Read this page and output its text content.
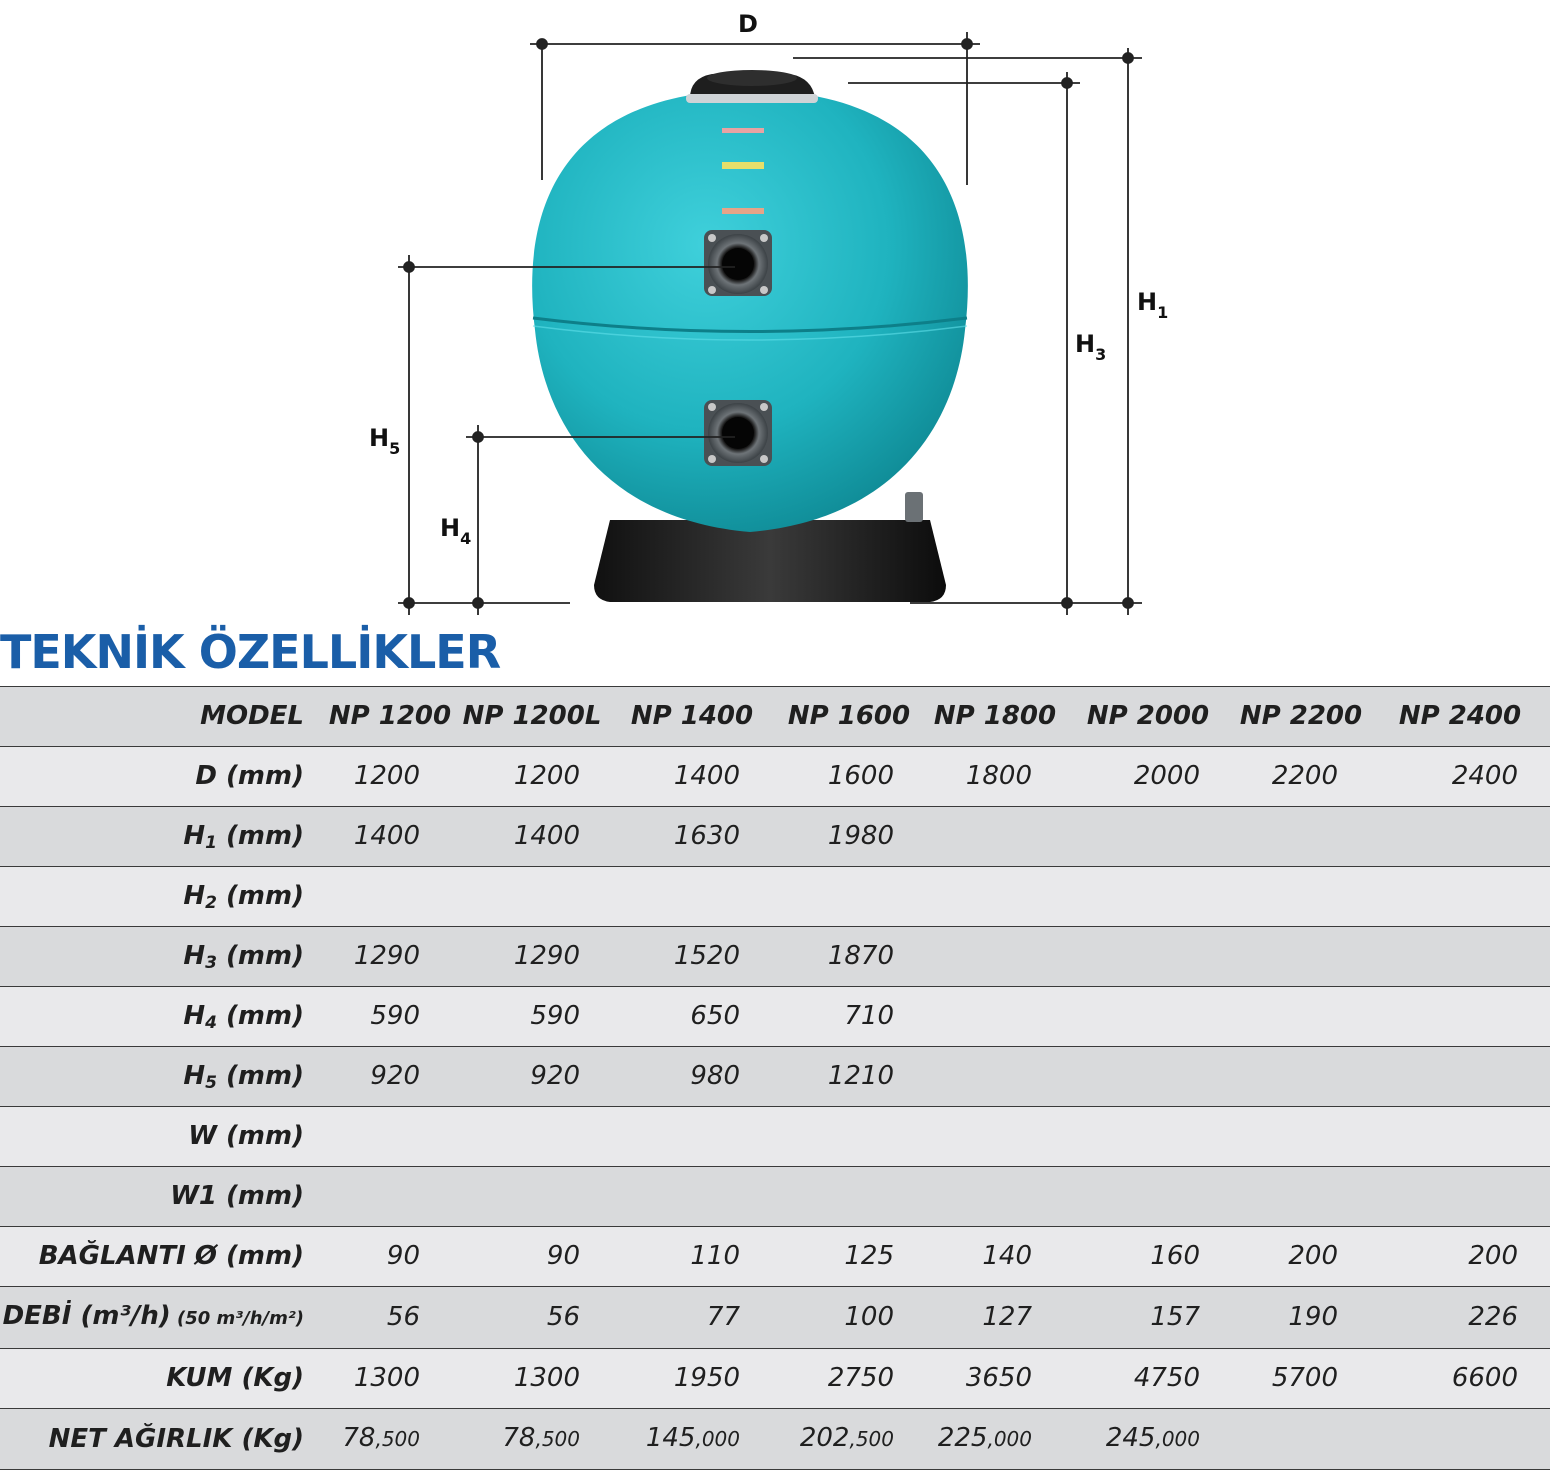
D
$H_1$
$H_3$
$H_5$
$H_4$
TEKNİK ÖZELLİKLER
MODEL	NP 1200	NP 1200L	NP 1400	NP 1600	NP 1800	NP 2000	NP 2200	NP 2400
D (mm)	1200	1200	1400	1600	1800	2000	2200	2400
$H_1$ (mm)	1400	1400	1630	1980				
$H_2$ (mm)								
$H_3$ (mm)	1290	1290	1520	1870				
$H_4$ (mm)	590	590	650	710				
$H_5$ (mm)	920	920	980	1210				
W (mm)								
W1 (mm)								
BAĞLANTI Ø (mm)	90	90	110	125	140	160	200	200
DEBİ (m³/h) (50 m³/h/m²)	56	56	77	100	127	157	190	226
KUM (Kg)	1300	1300	1950	2750	3650	4750	5700	6600
NET AĞIRLIK (Kg)	78,500	78,500	145,000	202,500	225,000	245,000		
